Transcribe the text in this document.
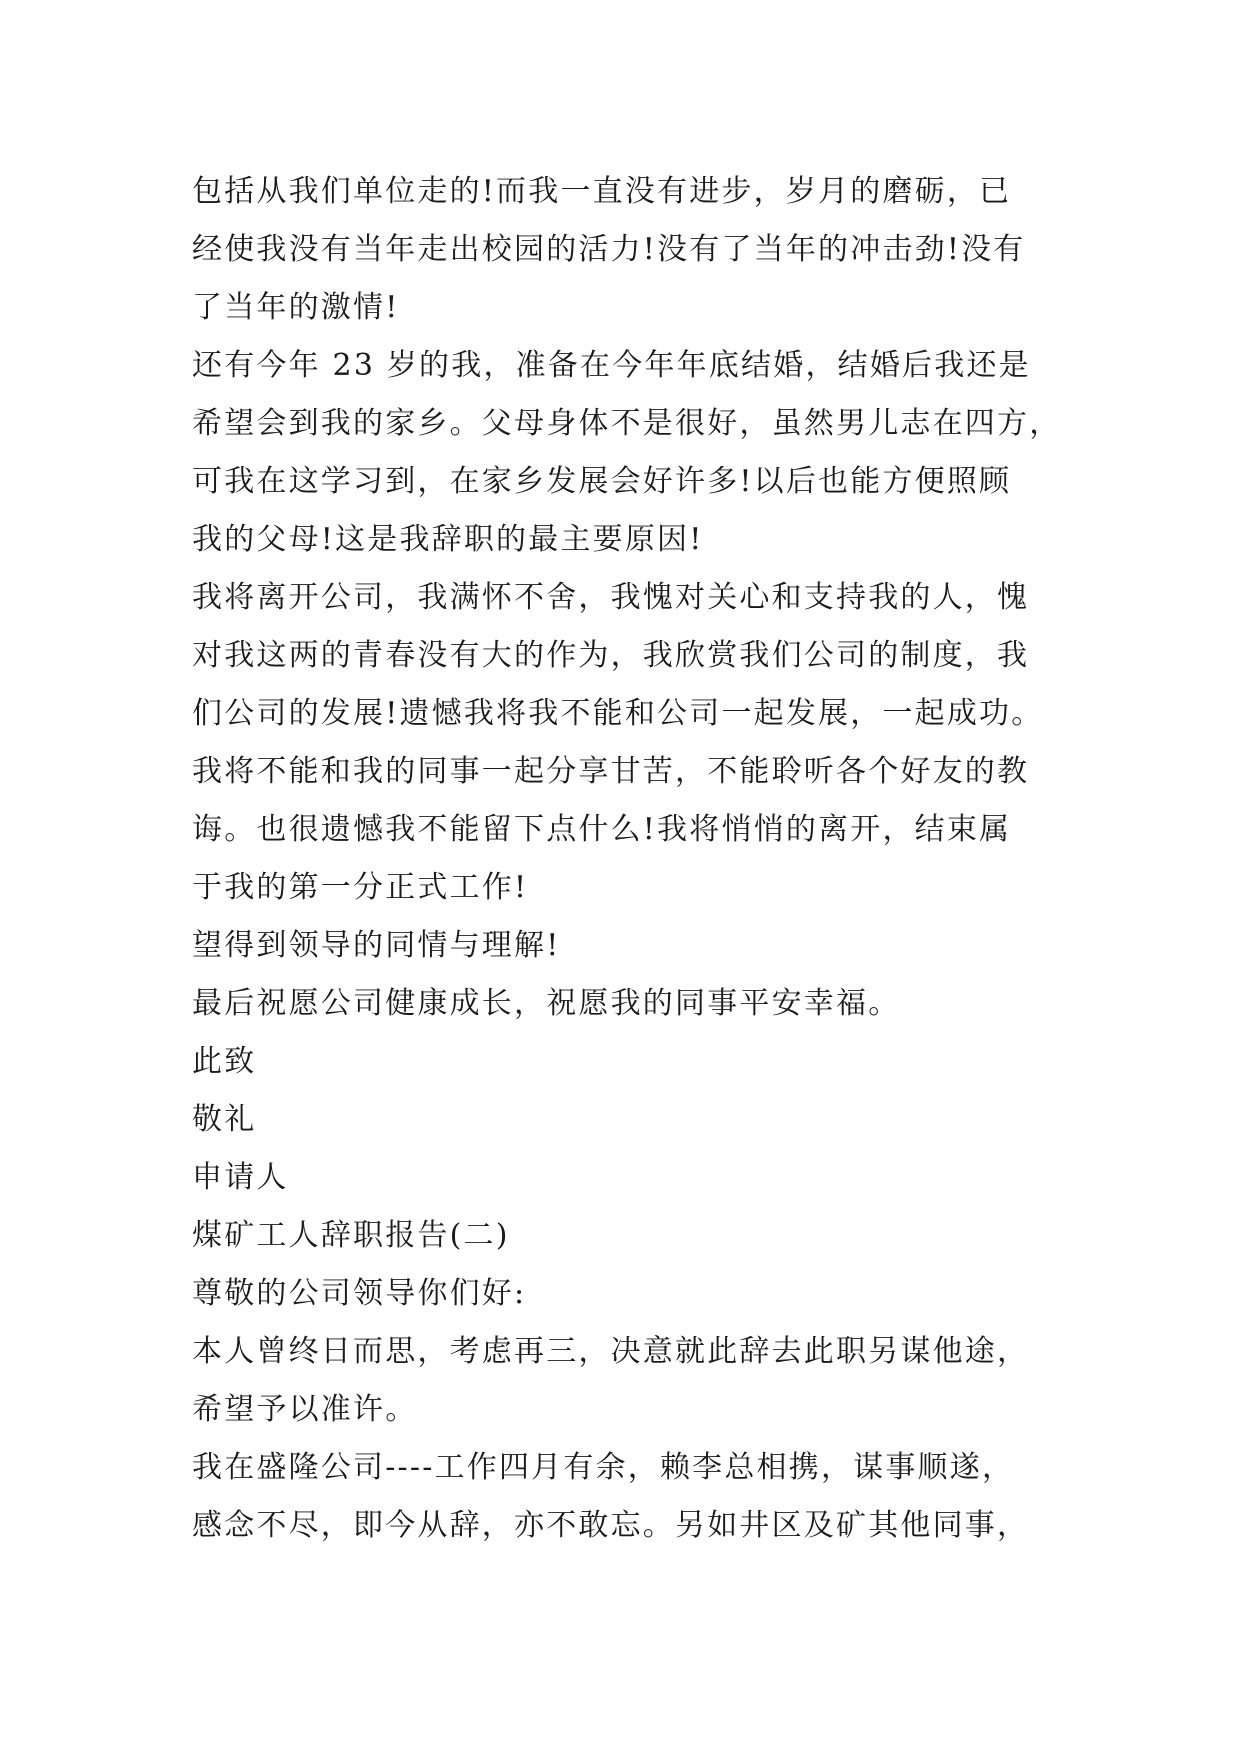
包括从我们单位走的!而我一直没有进步，岁月的磨砺，已
经使我没有当年走出校园的活力!没有了当年的冲击劲!没有
了当年的激情!
还有今年 23 岁的我，准备在今年年底结婚，结婚后我还是
希望会到我的家乡。父母身体不是很好，虽然男儿志在四方，
可我在这学习到，在家乡发展会好许多!以后也能方便照顾
我的父母!这是我辞职的最主要原因!
我将离开公司，我满怀不舍，我愧对关心和支持我的人，愧
对我这两的青春没有大的作为，我欣赏我们公司的制度，我
们公司的发展!遗憾我将我不能和公司一起发展，一起成功。
我将不能和我的同事一起分享甘苦，不能聆听各个好友的教
诲。也很遗憾我不能留下点什么!我将悄悄的离开，结束属
于我的第一分正式工作!
望得到领导的同情与理解!
最后祝愿公司健康成长，祝愿我的同事平安幸福。
此致
敬礼
申请人
煤矿工人辞职报告(二)
尊敬的公司领导你们好:
本人曾终日而思，考虑再三，决意就此辞去此职另谋他途，
希望予以准许。
我在盛隆公司----工作四月有余，赖李总相携，谋事顺遂，
感念不尽，即今从辞，亦不敢忘。另如井区及矿其他同事，
